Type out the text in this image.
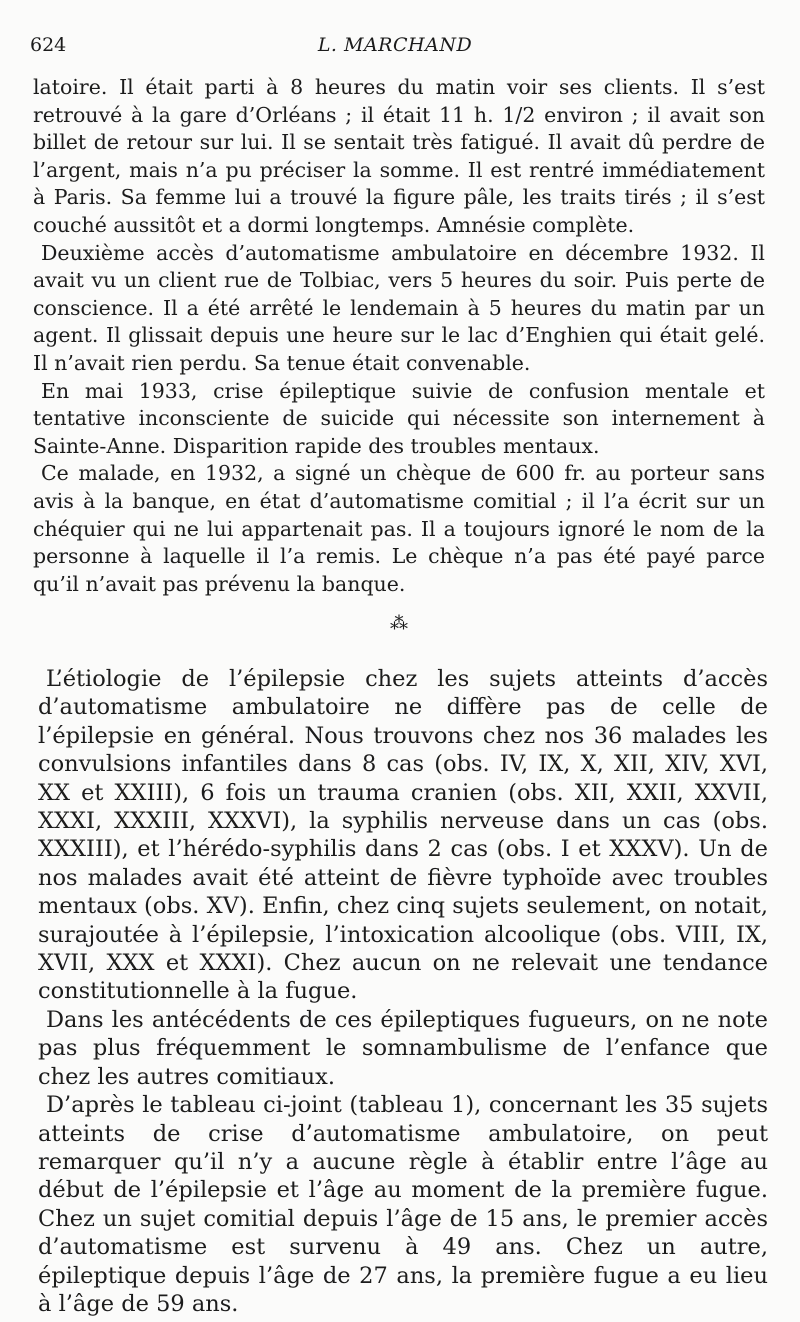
624	L. MARCHAND

latoire. Il était parti à 8 heures du matin voir ses clients. Il s’est retrouvé à la gare d’Orléans ; il était 11 h. 1/2 environ ; il avait son billet de retour sur lui. Il se sentait très fatigué. Il avait dû perdre de l’argent, mais n’a pu préciser la somme. Il est rentré immédiatement à Paris. Sa femme lui a trouvé la figure pâle, les traits tirés ; il s’est couché aussitôt et a dormi longtemps. Amnésie complète.

Deuxième accès d’automatisme ambulatoire en décembre 1932. Il avait vu un client rue de Tolbiac, vers 5 heures du soir. Puis perte de conscience. Il a été arrêté le lendemain à 5 heures du matin par un agent. Il glissait depuis une heure sur le lac d’Enghien qui était gelé. Il n’avait rien perdu. Sa tenue était convenable.

En mai 1933, crise épileptique suivie de confusion mentale et tentative inconsciente de suicide qui nécessite son internement à Sainte-Anne. Disparition rapide des troubles mentaux.

Ce malade, en 1932, a signé un chèque de 600 fr. au porteur sans avis à la banque, en état d’automatisme comitial ; il l’a écrit sur un chéquier qui ne lui appartenait pas. Il a toujours ignoré le nom de la personne à laquelle il l’a remis. Le chèque n’a pas été payé parce qu’il n’avait pas prévenu la banque.

⁂

L’étiologie de l’épilepsie chez les sujets atteints d’accès d’automatisme ambulatoire ne diffère pas de celle de l’épilepsie en général. Nous trouvons chez nos 36 malades les convulsions infantiles dans 8 cas (obs. IV, IX, X, XII, XIV, XVI, XX et XXIII), 6 fois un trauma cranien (obs. XII, XXII, XXVII, XXXI, XXXIII, XXXVI), la syphilis nerveuse dans un cas (obs. XXXIII), et l’hérédo-syphilis dans 2 cas (obs. I et XXXV). Un de nos malades avait été atteint de fièvre typhoïde avec troubles mentaux (obs. XV). Enfin, chez cinq sujets seulement, on notait, surajoutée à l’épilepsie, l’intoxication alcoolique (obs. VIII, IX, XVII, XXX et XXXI). Chez aucun on ne relevait une tendance constitutionnelle à la fugue.

Dans les antécédents de ces épileptiques fugueurs, on ne note pas plus fréquemment le somnambulisme de l’enfance que chez les autres comitiaux.

D’après le tableau ci-joint (tableau 1), concernant les 35 sujets atteints de crise d’automatisme ambulatoire, on peut remarquer qu’il n’y a aucune règle à établir entre l’âge au début de l’épilepsie et l’âge au moment de la première fugue. Chez un sujet comitial depuis l’âge de 15 ans, le premier accès d’automatisme est survenu à 49 ans. Chez un autre, épileptique depuis l’âge de 27 ans, la première fugue a eu lieu à l’âge de 59 ans.
